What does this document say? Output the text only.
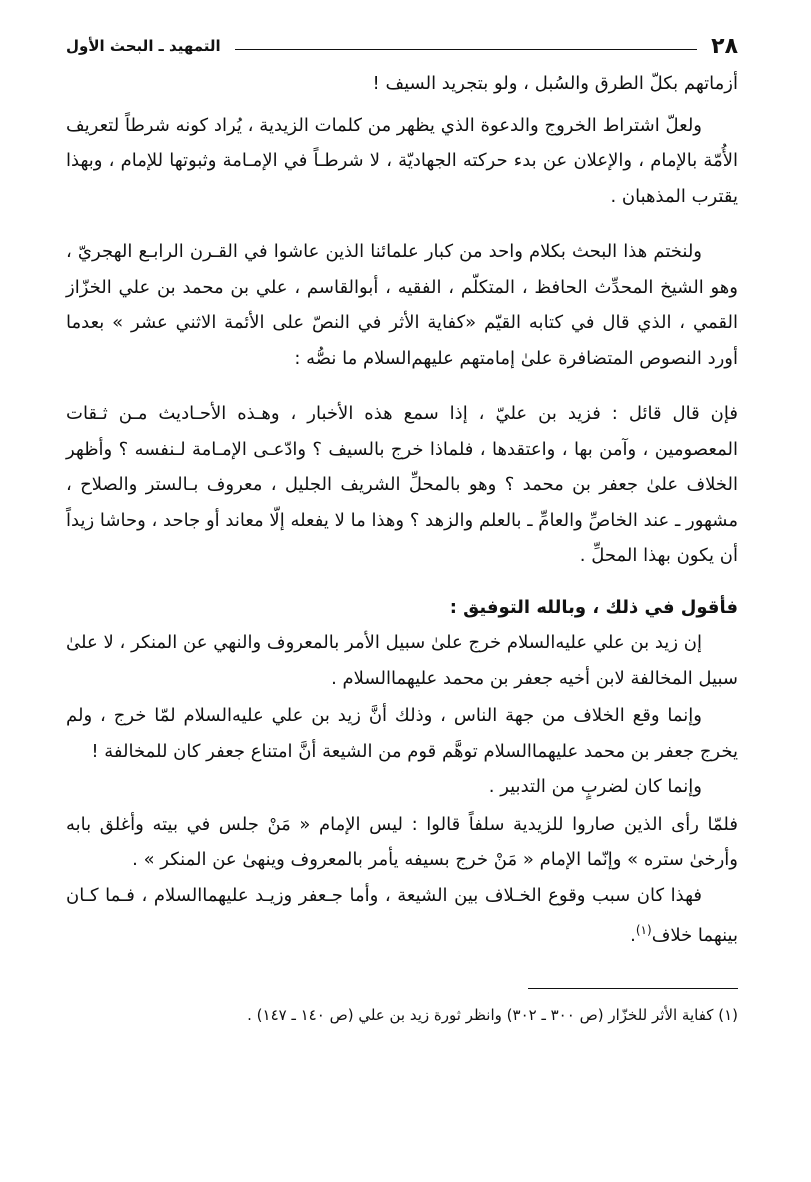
٢٨
التمهيد ـ البحث الأول

أزماتهم بكلّ الطرق والسُبل ، ولو بتجريد السيف !

ولعلّ اشتراط الخروج والدعوة الذي يظهر من كلمات الزيدية ، يُراد كونه شرطاً لتعريف الأُمّة بالإمام ، والإعلان عن بدء حركته الجهاديّة ، لا شرطـاً في الإمـامة وثبوتها للإمام ، وبهذا يقترب المذهبان .

ولنختم هذا البحث بكلام واحد من كبار علمائنا الذين عاشوا في القـرن الرابـع الهجريّ ، وهو الشيخ المحدِّث الحافظ ، المتكلّم ، الفقيه ، أبوالقاسم ، علي بن محمد بن علي الخزّاز القمي ، الذي قال في كتابه القيّم «كفاية الأثر في النصّ على الأئمة الاثني عشر » بعدما أورد النصوص المتضافرة علىٰ إمامتهم عليهم‌السلام ما نصُّه :

فإن قال قائل : فزيد بن عليّ ، إذا سمع هذه الأخبار ، وهـذه الأحـاديث مـن ثـقات المعصومين ، وآمن بها ، واعتقدها ، فلماذا خرج بالسيف ؟ وادّعـى الإمـامة لـنفسه ؟ وأظهر الخلاف علىٰ جعفر بن محمد ؟ وهو بالمحلِّ الشريف الجليل ، معروف بـالستر والصلاح ، مشهور ـ عند الخاصِّ والعامِّ ـ بالعلم والزهد ؟ وهذا ما لا يفعله إلّا معاند أو جاحد ، وحاشا زيداً أن يكون بهذا المحلِّ .

فأقول في ذلك ، وبالله التوفيق :

إن زيد بن علي عليه‌السلام خرج علىٰ سبيل الأمر بالمعروف والنهي عن المنكر ، لا علىٰ سبيل المخالفة لابن أخيه جعفر بن محمد عليهما‌السلام .

وإنما وقع الخلاف من جهة الناس ، وذلك أنَّ زيد بن علي عليه‌السلام لمّا خرج ، ولم يخرج جعفر بن محمد عليهما‌السلام توهَّم قوم من الشيعة أنَّ امتناع جعفر كان للمخالفة !

وإنما كان لضربٍ من التدبير .

فلمّا رأى الذين صاروا للزيدية سلفاً قالوا : ليس الإمام « مَنْ جلس في بيته وأغلق بابه وأرخىٰ ستره » وإنّما الإمام « مَنْ خرج بسيفه يأمر بالمعروف وينهىٰ عن المنكر » .

فهذا كان سبب وقوع الخـلاف بين الشيعة ، وأما جـعفر وزيـد عليهما‌السلام ، فـما كـان بينهما خلاف$^{(١)}$.

(١) كفاية الأثر للخزّار (ص ٣٠٠ ـ ٣٠٢) وانظر ثورة زيد بن علي (ص ١٤٠ ـ ١٤٧) .
